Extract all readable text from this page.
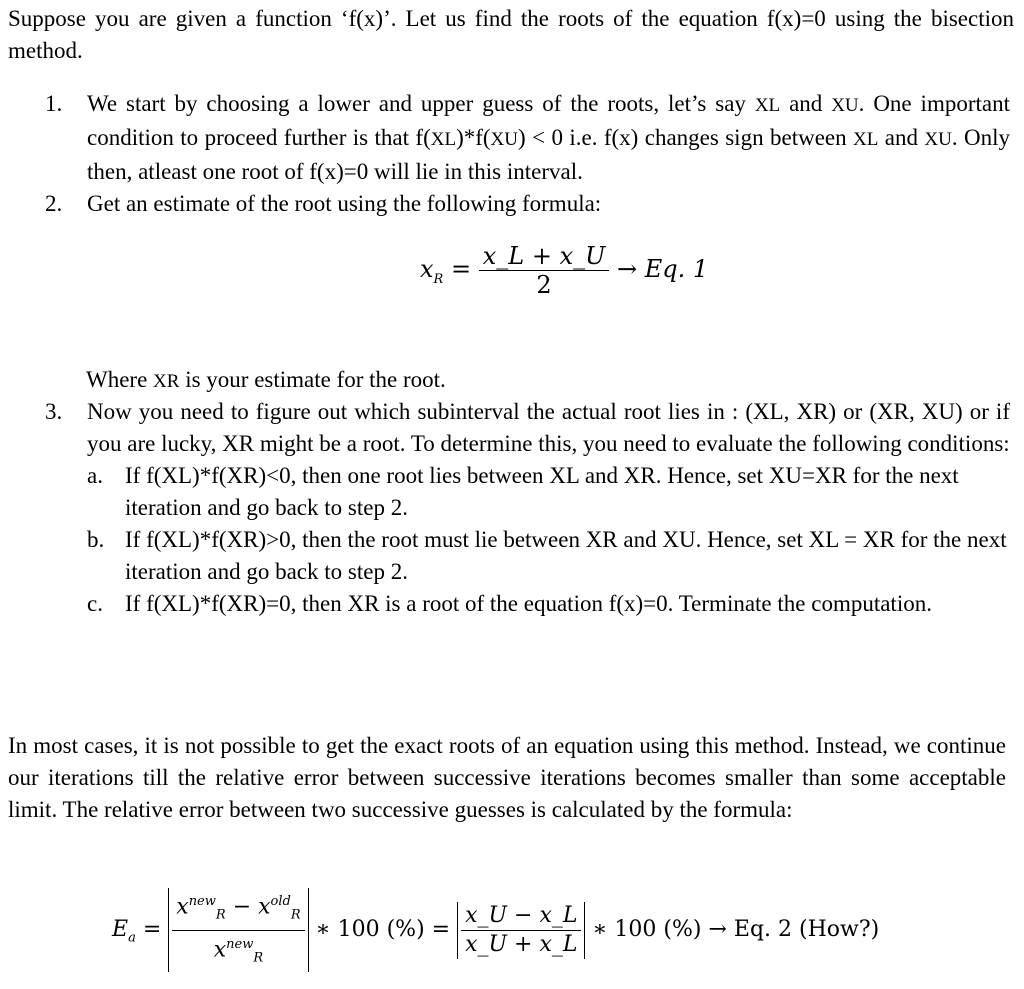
Suppose you are given a function ‘f(x)’. Let us find the roots of the equation f(x)=0 using the bisection method.

1. We start by choosing a lower and upper guess of the roots, let’s say XL and XU. One important condition to proceed further is that f(XL)*f(XU) < 0 i.e. f(x) changes sign between XL and XU. Only then, atleast one root of f(x)=0 will lie in this interval.
2. Get an estimate of the root using the following formula:
$x_R = \frac{x\_L + x\_U}{2} \to Eq$. 1

Where XR is your estimate for the root.

3. Now you need to figure out which subinterval the actual root lies in : (XL, XR) or (XR, XU) or if you are lucky, XR might be a root. To determine this, you need to evaluate the following conditions:
a. If f(XL)*f(XR)<0, then one root lies between XL and XR. Hence, set XU=XR for the next iteration and go back to step 2.
b. If f(XL)*f(XR)>0, then the root must lie between XR and XU. Hence, set XL = XR for the next iteration and go back to step 2.
c. If f(XL)*f(XR)=0, then XR is a root of the equation f(x)=0. Terminate the computation.

In most cases, it is not possible to get the exact roots of an equation using this method. Instead, we continue our iterations till the relative error between successive iterations becomes smaller than some acceptable limit. The relative error between two successive guesses is calculated by the formula:

$E_a = \frac{x^{new}_R - x^{old}_R}{x^{new}_R}$ ∗ 100 (%) = $\frac{x\_U - x\_L}{x\_U + x\_L}$ ∗ 100 (%) → Eq. 2 (How?)
